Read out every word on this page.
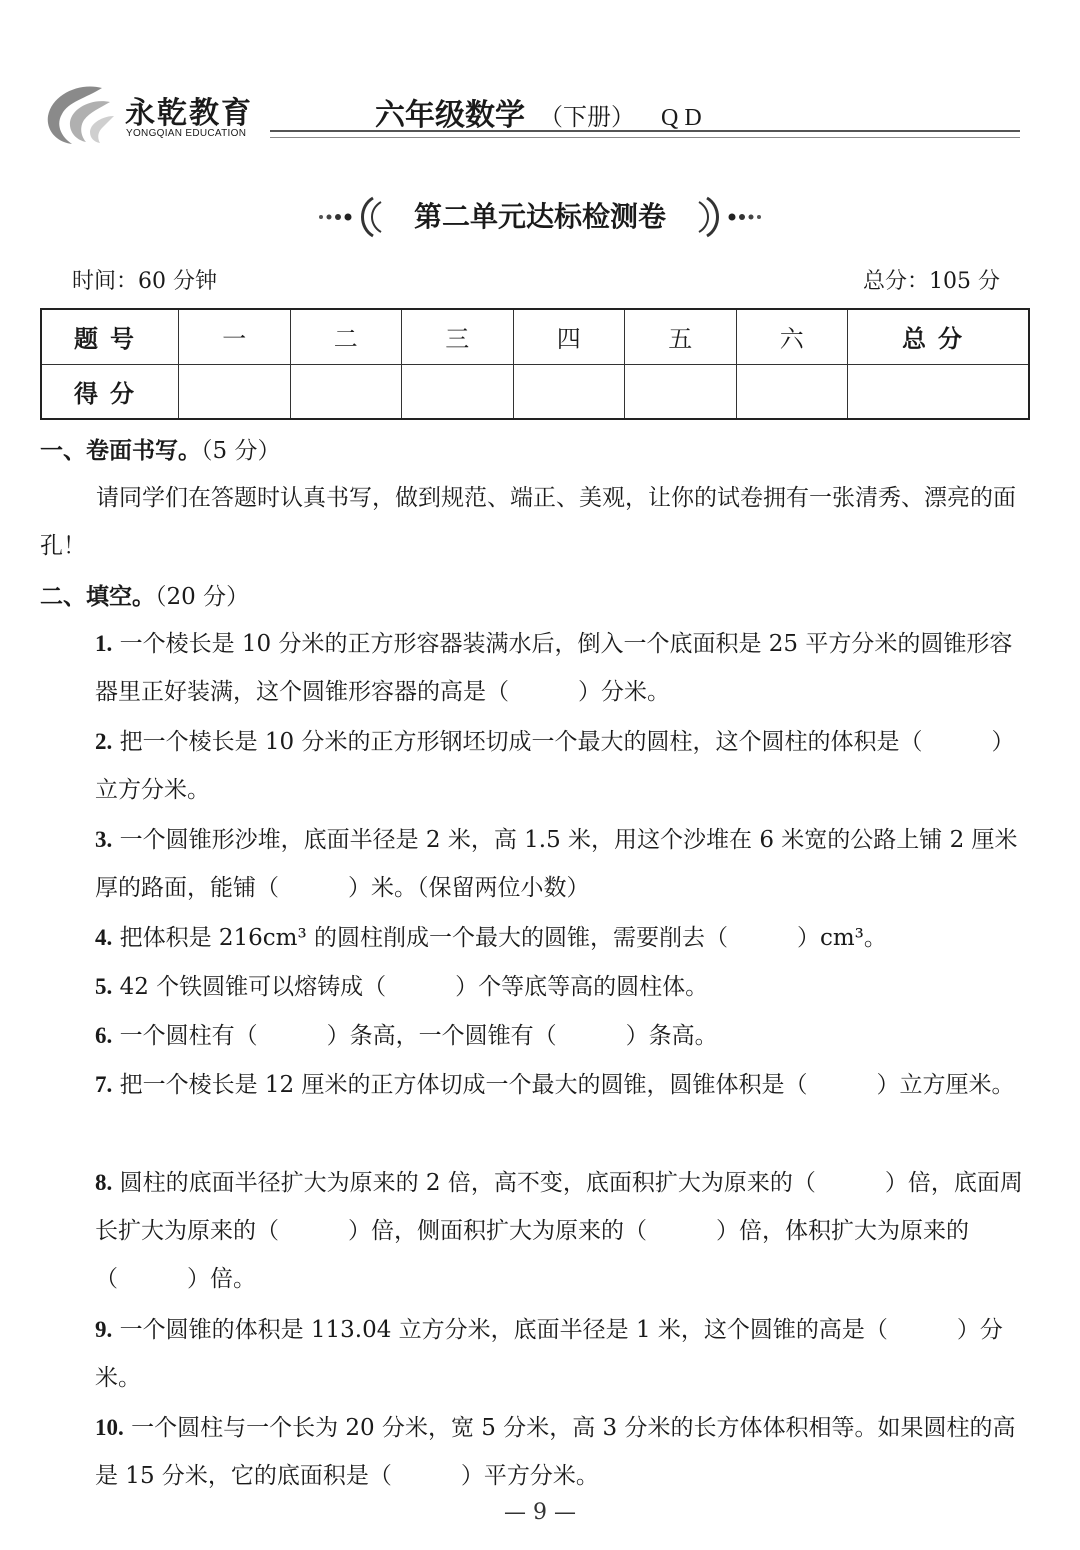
永乾教育
YONGQIAN EDUCATION
六年级数学 （下册） QD
第二单元达标检测卷
时间：60 分钟	总分：105 分
题号	一	二	三	四	五	六	总分
得分							
一、卷面书写。（5 分）
请同学们在答题时认真书写，做到规范、端正、美观，让你的试卷拥有一张清秀、漂亮的面孔！
二、填空。（20 分）
1. 一个棱长是 10 分米的正方形容器装满水后，倒入一个底面积是 25 平方分米的圆锥形容器里正好装满，这个圆锥形容器的高是（　　　）分米。
2. 把一个棱长是 10 分米的正方形钢坯切成一个最大的圆柱，这个圆柱的体积是（　　　）立方分米。
3. 一个圆锥形沙堆，底面半径是 2 米，高 1.5 米，用这个沙堆在 6 米宽的公路上铺 2 厘米厚的路面，能铺（　　　）米。（保留两位小数）
4. 把体积是 216cm³ 的圆柱削成一个最大的圆锥，需要削去（　　　）cm³。
5. 42 个铁圆锥可以熔铸成（　　　）个等底等高的圆柱体。
6. 一个圆柱有（　　　）条高，一个圆锥有（　　　）条高。
7. 把一个棱长是 12 厘米的正方体切成一个最大的圆锥，圆锥体积是（　　　）立方厘米。
8. 圆柱的底面半径扩大为原来的 2 倍，高不变，底面积扩大为原来的（　　　）倍，底面周长扩大为原来的（　　　）倍，侧面积扩大为原来的（　　　）倍，体积扩大为原来的（　　　）倍。
9. 一个圆锥的体积是 113.04 立方分米，底面半径是 1 米，这个圆锥的高是（　　　）分米。
10. 一个圆柱与一个长为 20 分米，宽 5 分米，高 3 分米的长方体体积相等。如果圆柱的高是 15 分米，它的底面积是（　　　）平方分米。
— 9 —
